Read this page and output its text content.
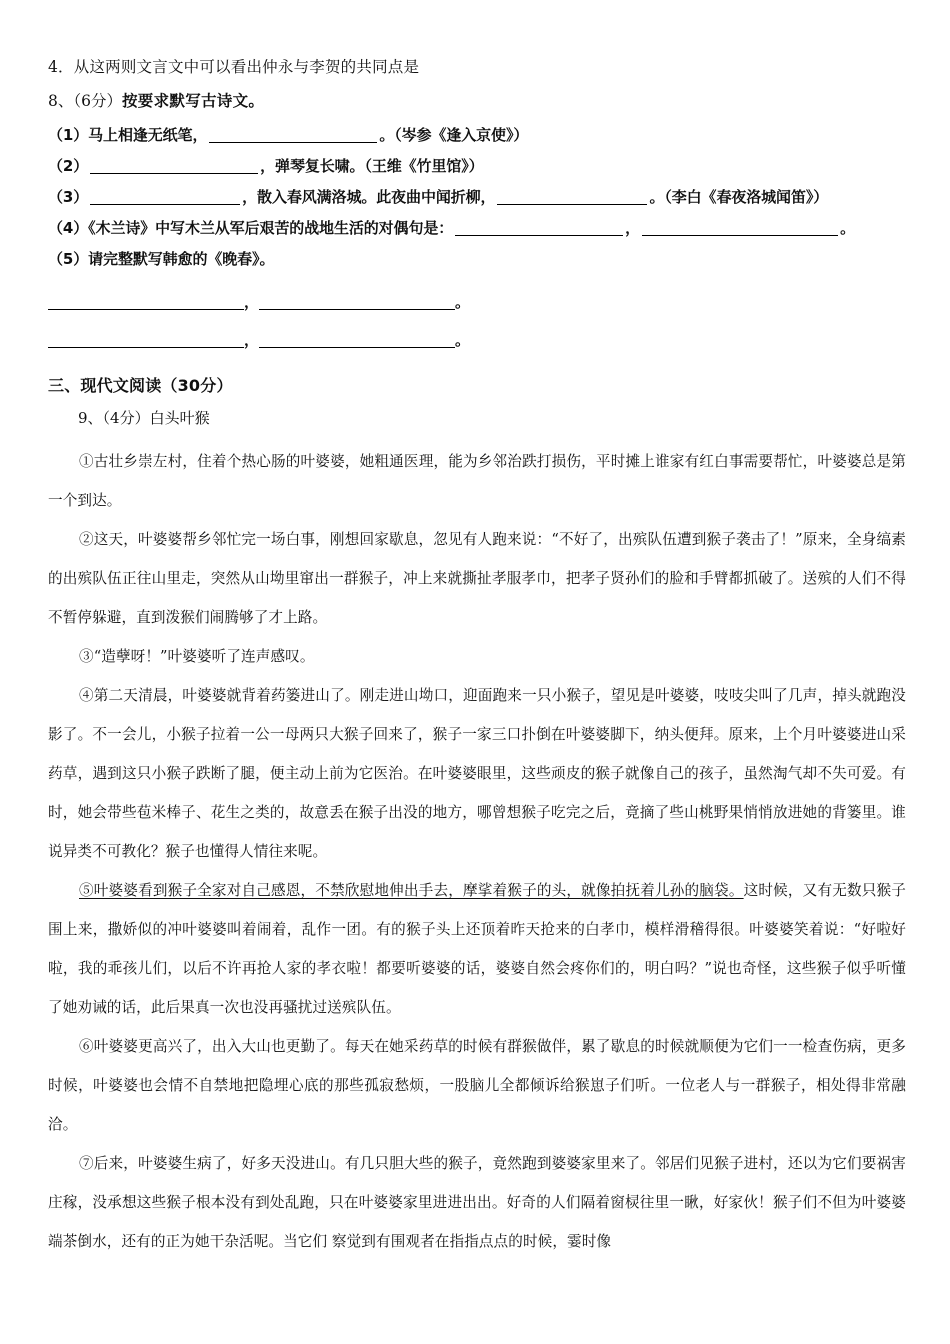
4．从这两则文言文中可以看出仲永与李贺的共同点是
8、（6分）按要求默写古诗文。
（1）马上相逢无纸笔，	。（岑参《逢入京使》）
（2）	，弹琴复长啸。（王维《竹里馆》）
（3）	，散入春风满洛城。此夜曲中闻折柳，	。（李白《春夜洛城闻笛》）
（4）《木兰诗》中写木兰从军后艰苦的战地生活的对偶句是：	，	。
（5）请完整默写韩愈的《晚春》。
，	。
，	。
三、现代文阅读（30分）
9、（4分）白头叶猴

①古壮乡崇左村，住着个热心肠的叶婆婆，她粗通医理，能为乡邻治跌打损伤，平时摊上谁家有红白事需要帮忙，叶婆婆总是第一个到达。

②这天，叶婆婆帮乡邻忙完一场白事，刚想回家歇息，忽见有人跑来说：“不好了，出殡队伍遭到猴子袭击了！”原来，全身缟素的出殡队伍正往山里走，突然从山坳里窜出一群猴子，冲上来就撕扯孝服孝巾，把孝子贤孙们的脸和手臂都抓破了。送殡的人们不得不暂停躲避，直到泼猴们闹腾够了才上路。

③“造孽呀！”叶婆婆听了连声感叹。

④第二天清晨，叶婆婆就背着药篓进山了。刚走进山坳口，迎面跑来一只小猴子，望见是叶婆婆，吱吱尖叫了几声，掉头就跑没影了。不一会儿，小猴子拉着一公一母两只大猴子回来了，猴子一家三口扑倒在叶婆婆脚下，纳头便拜。原来，上个月叶婆婆进山采药草，遇到这只小猴子跌断了腿，便主动上前为它医治。在叶婆婆眼里，这些顽皮的猴子就像自己的孩子，虽然淘气却不失可爱。有时，她会带些苞米棒子、花生之类的，故意丢在猴子出没的地方，哪曾想猴子吃完之后，竟摘了些山桃野果悄悄放进她的背篓里。谁说异类不可教化？猴子也懂得人情往来呢。

⑤叶婆婆看到猴子全家对自己感恩，不禁欣慰地伸出手去，摩挲着猴子的头，就像拍抚着儿孙的脑袋。这时候，又有无数只猴子围上来，撒娇似的冲叶婆婆叫着闹着，乱作一团。有的猴子头上还顶着昨天抢来的白孝巾，模样滑稽得很。叶婆婆笑着说：“好啦好啦，我的乖孩儿们，以后不许再抢人家的孝衣啦！都要听婆婆的话，婆婆自然会疼你们的，明白吗？”说也奇怪，这些猴子似乎听懂了她劝诫的话，此后果真一次也没再骚扰过送殡队伍。

⑥叶婆婆更高兴了，出入大山也更勤了。每天在她采药草的时候有群猴做伴，累了歇息的时候就顺便为它们一一检查伤病，更多时候，叶婆婆也会情不自禁地把隐埋心底的那些孤寂愁烦，一股脑儿全都倾诉给猴崽子们听。一位老人与一群猴子，相处得非常融洽。

⑦后来，叶婆婆生病了，好多天没进山。有几只胆大些的猴子，竟然跑到婆婆家里来了。邻居们见猴子进村，还以为它们要祸害庄稼，没承想这些猴子根本没有到处乱跑，只在叶婆婆家里进进出出。好奇的人们隔着窗棂往里一瞅，好家伙！猴子们不但为叶婆婆端茶倒水，还有的正为她干杂活呢。当它们 察觉到有围观者在指指点点的时候，霎时像
